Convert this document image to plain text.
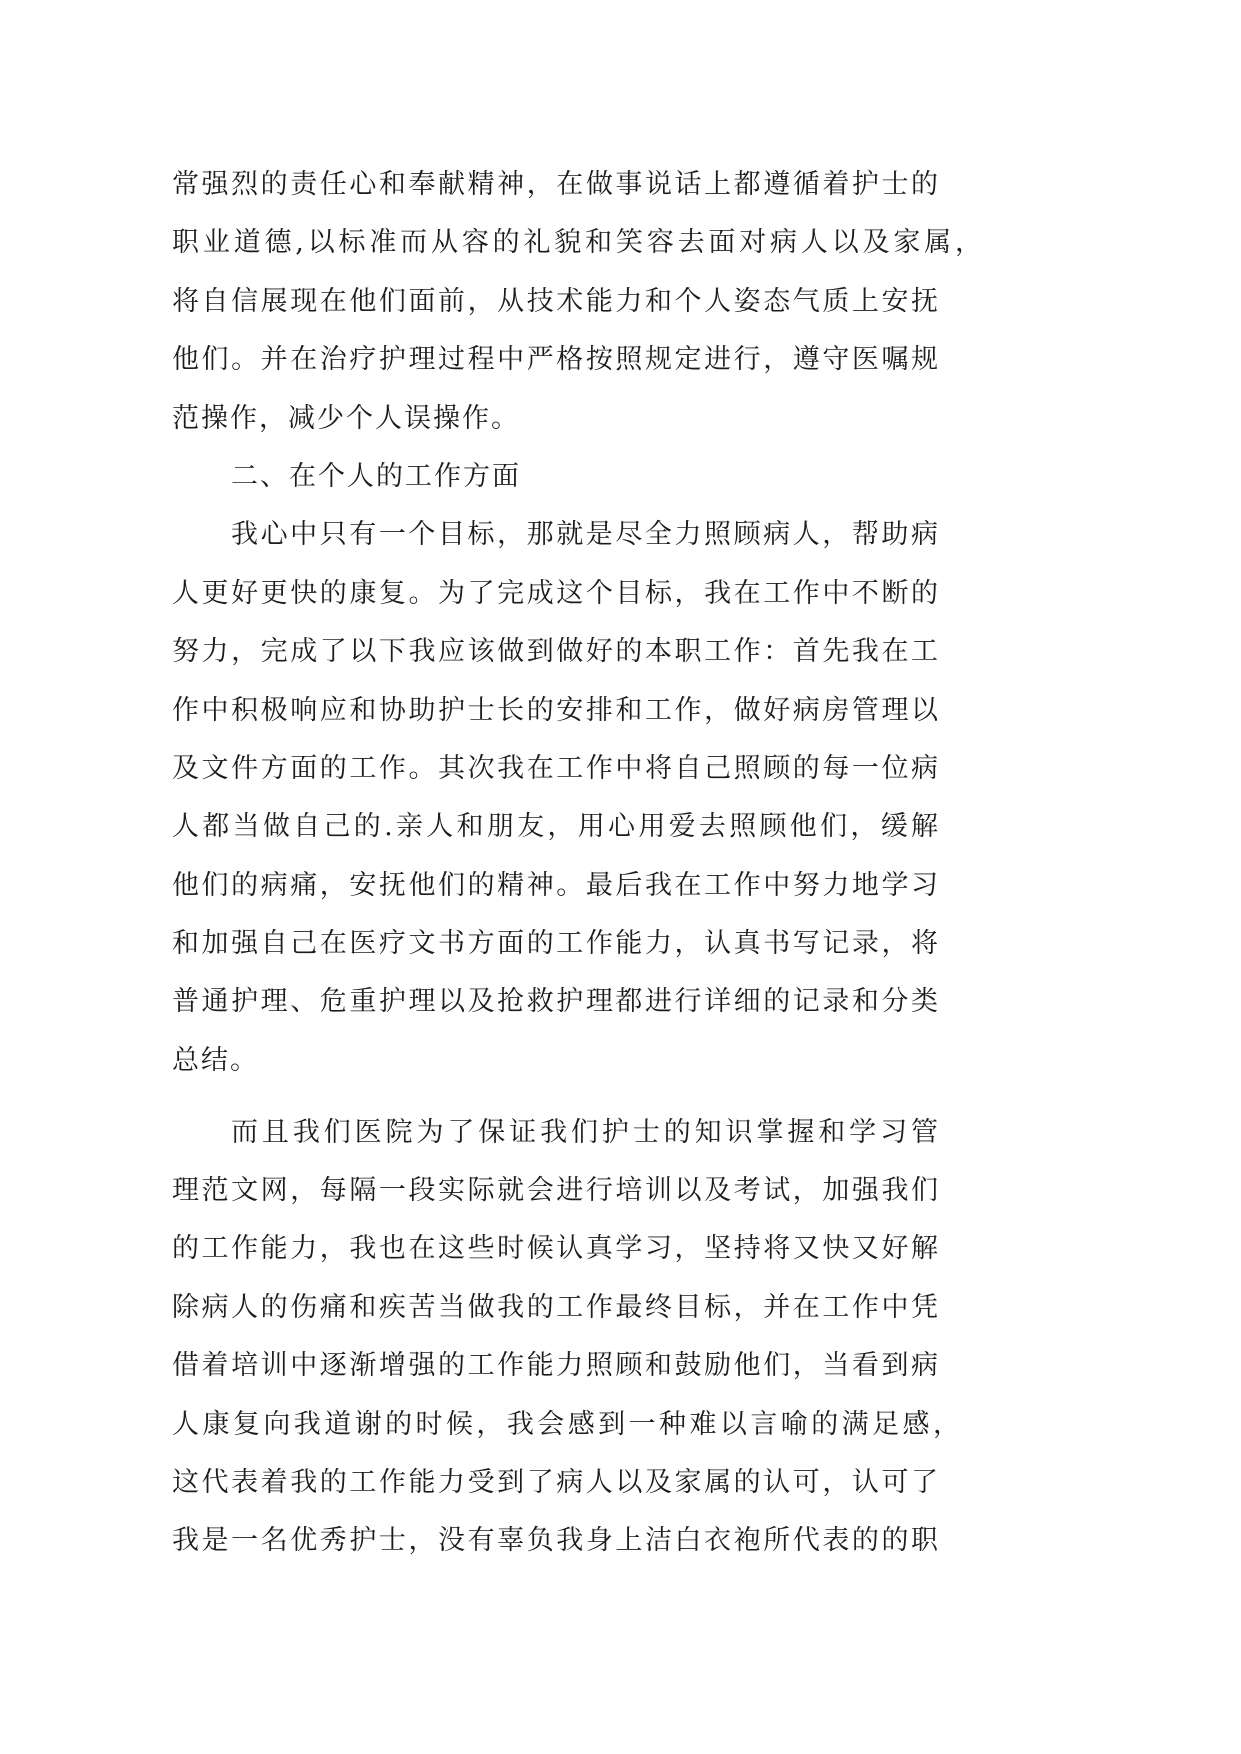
常强烈的责任心和奉献精神，在做事说话上都遵循着护士的
职业道德,以标准而从容的礼貌和笑容去面对病人以及家属，
将自信展现在他们面前，从技术能力和个人姿态气质上安抚
他们。并在治疗护理过程中严格按照规定进行，遵守医嘱规
范操作，减少个人误操作。
二、在个人的工作方面
我心中只有一个目标，那就是尽全力照顾病人，帮助病
人更好更快的康复。为了完成这个目标，我在工作中不断的
努力，完成了以下我应该做到做好的本职工作：首先我在工
作中积极响应和协助护士长的安排和工作，做好病房管理以
及文件方面的工作。其次我在工作中将自己照顾的每一位病
人都当做自己的.亲人和朋友，用心用爱去照顾他们，缓解
他们的病痛，安抚他们的精神。最后我在工作中努力地学习
和加强自己在医疗文书方面的工作能力，认真书写记录，将
普通护理、危重护理以及抢救护理都进行详细的记录和分类
总结。
而且我们医院为了保证我们护士的知识掌握和学习管
理范文网，每隔一段实际就会进行培训以及考试，加强我们
的工作能力，我也在这些时候认真学习，坚持将又快又好解
除病人的伤痛和疾苦当做我的工作最终目标，并在工作中凭
借着培训中逐渐增强的工作能力照顾和鼓励他们，当看到病
人康复向我道谢的时候，我会感到一种难以言喻的满足感，
这代表着我的工作能力受到了病人以及家属的认可，认可了
我是一名优秀护士，没有辜负我身上洁白衣袍所代表的的职
